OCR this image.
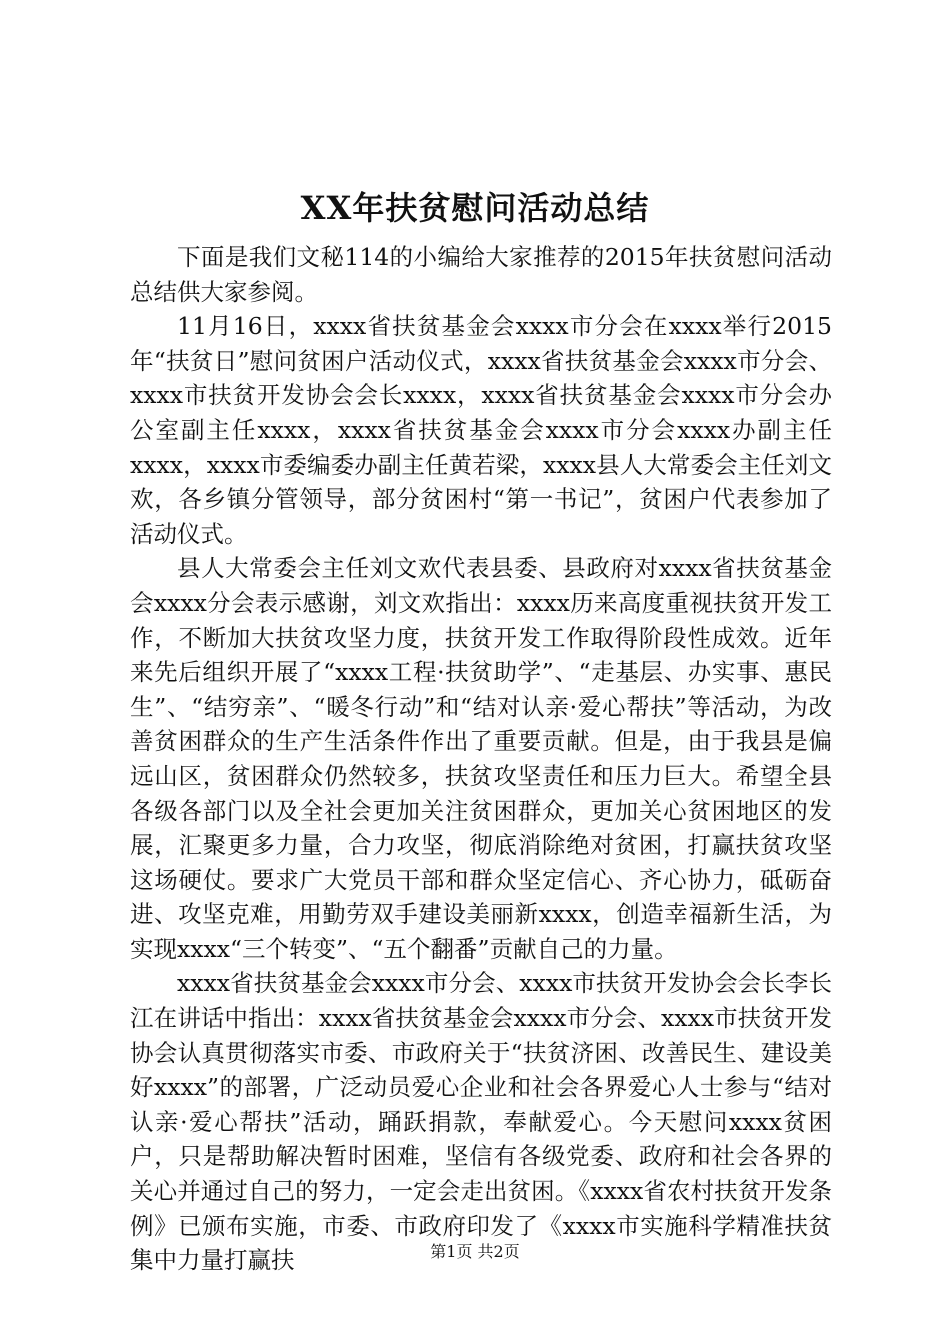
XX年扶贫慰问活动总结

下面是我们文秘114的小编给大家推荐的2015年扶贫慰问活动总结供大家参阅。

11月16日，xxxx省扶贫基金会xxxx市分会在xxxx举行2015年“扶贫日”慰问贫困户活动仪式，xxxx省扶贫基金会xxxx市分会、xxxx市扶贫开发协会会长xxxx，xxxx省扶贫基金会xxxx市分会办公室副主任xxxx，xxxx省扶贫基金会xxxx市分会xxxx办副主任xxxx，xxxx市委编委办副主任黄若梁，xxxx县人大常委会主任刘文欢，各乡镇分管领导，部分贫困村“第一书记”，贫困户代表参加了活动仪式。

县人大常委会主任刘文欢代表县委、县政府对xxxx省扶贫基金会xxxx分会表示感谢，刘文欢指出：xxxx历来高度重视扶贫开发工作，不断加大扶贫攻坚力度，扶贫开发工作取得阶段性成效。近年来先后组织开展了“xxxx工程·扶贫助学”、“走基层、办实事、惠民生”、“结穷亲”、“暖冬行动”和“结对认亲·爱心帮扶”等活动，为改善贫困群众的生产生活条件作出了重要贡献。但是，由于我县是偏远山区，贫困群众仍然较多，扶贫攻坚责任和压力巨大。希望全县各级各部门以及全社会更加关注贫困群众，更加关心贫困地区的发展，汇聚更多力量，合力攻坚，彻底消除绝对贫困，打赢扶贫攻坚这场硬仗。要求广大党员干部和群众坚定信心、齐心协力，砥砺奋进、攻坚克难，用勤劳双手建设美丽新xxxx，创造幸福新生活，为实现xxxx“三个转变”、“五个翻番”贡献自己的力量。

xxxx省扶贫基金会xxxx市分会、xxxx市扶贫开发协会会长李长江在讲话中指出：xxxx省扶贫基金会xxxx市分会、xxxx市扶贫开发协会认真贯彻落实市委、市政府关于“扶贫济困、改善民生、建设美好xxxx”的部署，广泛动员爱心企业和社会各界爱心人士参与“结对认亲·爱心帮扶”活动，踊跃捐款，奉献爱心。今天慰问xxxx贫困户，只是帮助解决暂时困难，坚信有各级党委、政府和社会各界的关心并通过自己的努力，一定会走出贫困。《xxxx省农村扶贫开发条例》已颁布实施，市委、市政府印发了《xxxx市实施科学精准扶贫集中力量打赢扶	第1页 共2页
